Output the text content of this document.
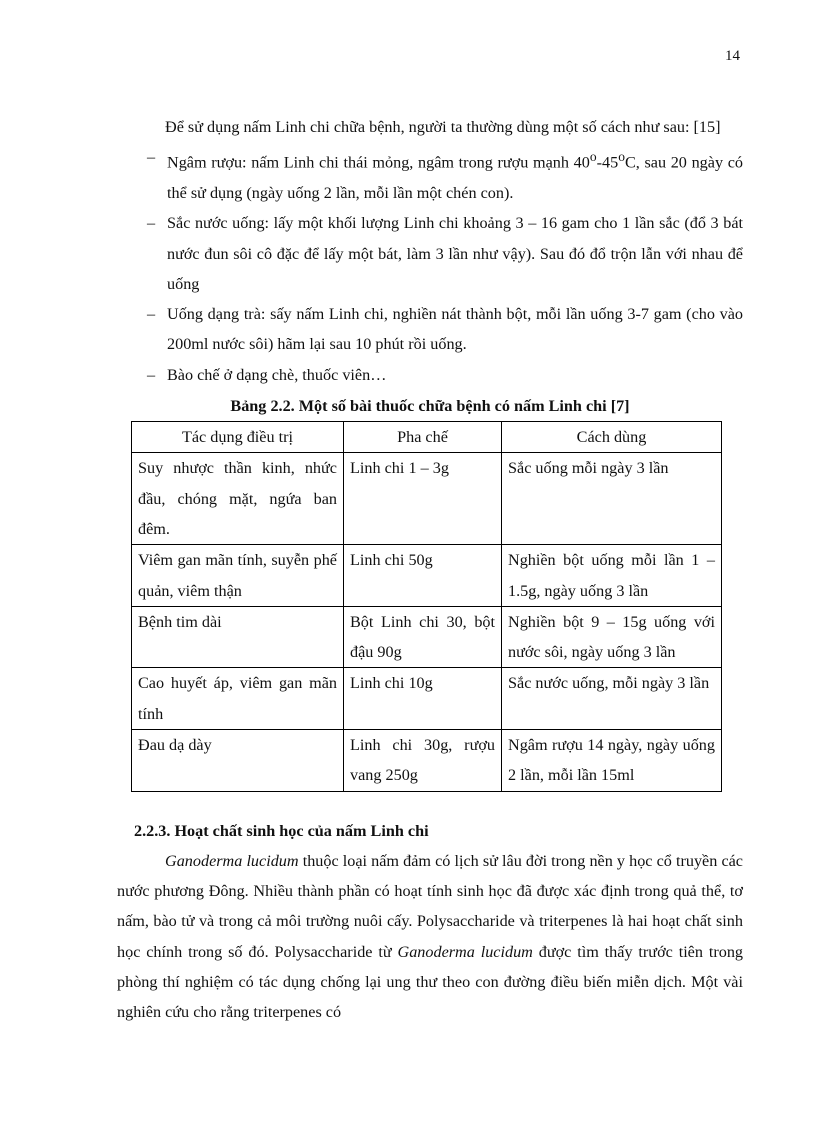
14

Để sử dụng nấm Linh chi chữa bệnh, người ta thường dùng một số cách như sau: [15]

– Ngâm rượu: nấm Linh chi thái mỏng, ngâm trong rượu mạnh 40$^o$-45$^o$C, sau 20 ngày có thể sử dụng (ngày uống 2 lần, mỗi lần một chén con).
– Sắc nước uống: lấy một khối lượng Linh chi khoảng 3 – 16 gam cho 1 lần sắc (đổ 3 bát nước đun sôi cô đặc để lấy một bát, làm 3 lần như vậy). Sau đó đổ trộn lẫn với nhau để uống
– Uống dạng trà: sấy nấm Linh chi, nghiền nát thành bột, mỗi lần uống 3-7 gam (cho vào 200ml nước sôi) hãm lại sau 10 phút rồi uống.
– Bào chế ở dạng chè, thuốc viên…
Bảng 2.2. Một số bài thuốc chữa bệnh có nấm Linh chi [7]
Tác dụng điều trị	Pha chế	Cách dùng
Suy nhược thần kinh, nhức đầu, chóng mặt, ngứa ban đêm.	Linh chi 1 – 3g	Sắc uống mỗi ngày 3 lần
Viêm gan mãn tính, suyễn phế quản, viêm thận	Linh chi 50g	Nghiền bột uống mỗi lần 1 – 1.5g, ngày uống 3 lần
Bệnh tim dài	Bột Linh chi 30, bột đậu 90g	Nghiền bột 9 – 15g uống với nước sôi, ngày uống 3 lần
Cao huyết áp, viêm gan mãn tính	Linh chi 10g	Sắc nước uống, mỗi ngày 3 lần
Đau dạ dày	Linh chi 30g, rượu vang 250g	Ngâm rượu 14 ngày, ngày uống 2 lần, mỗi lần 15ml
2.2.3. Hoạt chất sinh học của nấm Linh chi

Ganoderma lucidum thuộc loại nấm đảm có lịch sử lâu đời trong nền y học cổ truyền các nước phương Đông. Nhiều thành phần có hoạt tính sinh học đã được xác định trong quả thể, tơ nấm, bào tử và trong cả môi trường nuôi cấy. Polysaccharide và triterpenes là hai hoạt chất sinh học chính trong số đó. Polysaccharide từ Ganoderma lucidum được tìm thấy trước tiên trong phòng thí nghiệm có tác dụng chống lại ung thư theo con đường điều biến miễn dịch. Một vài nghiên cứu cho rằng triterpenes có
